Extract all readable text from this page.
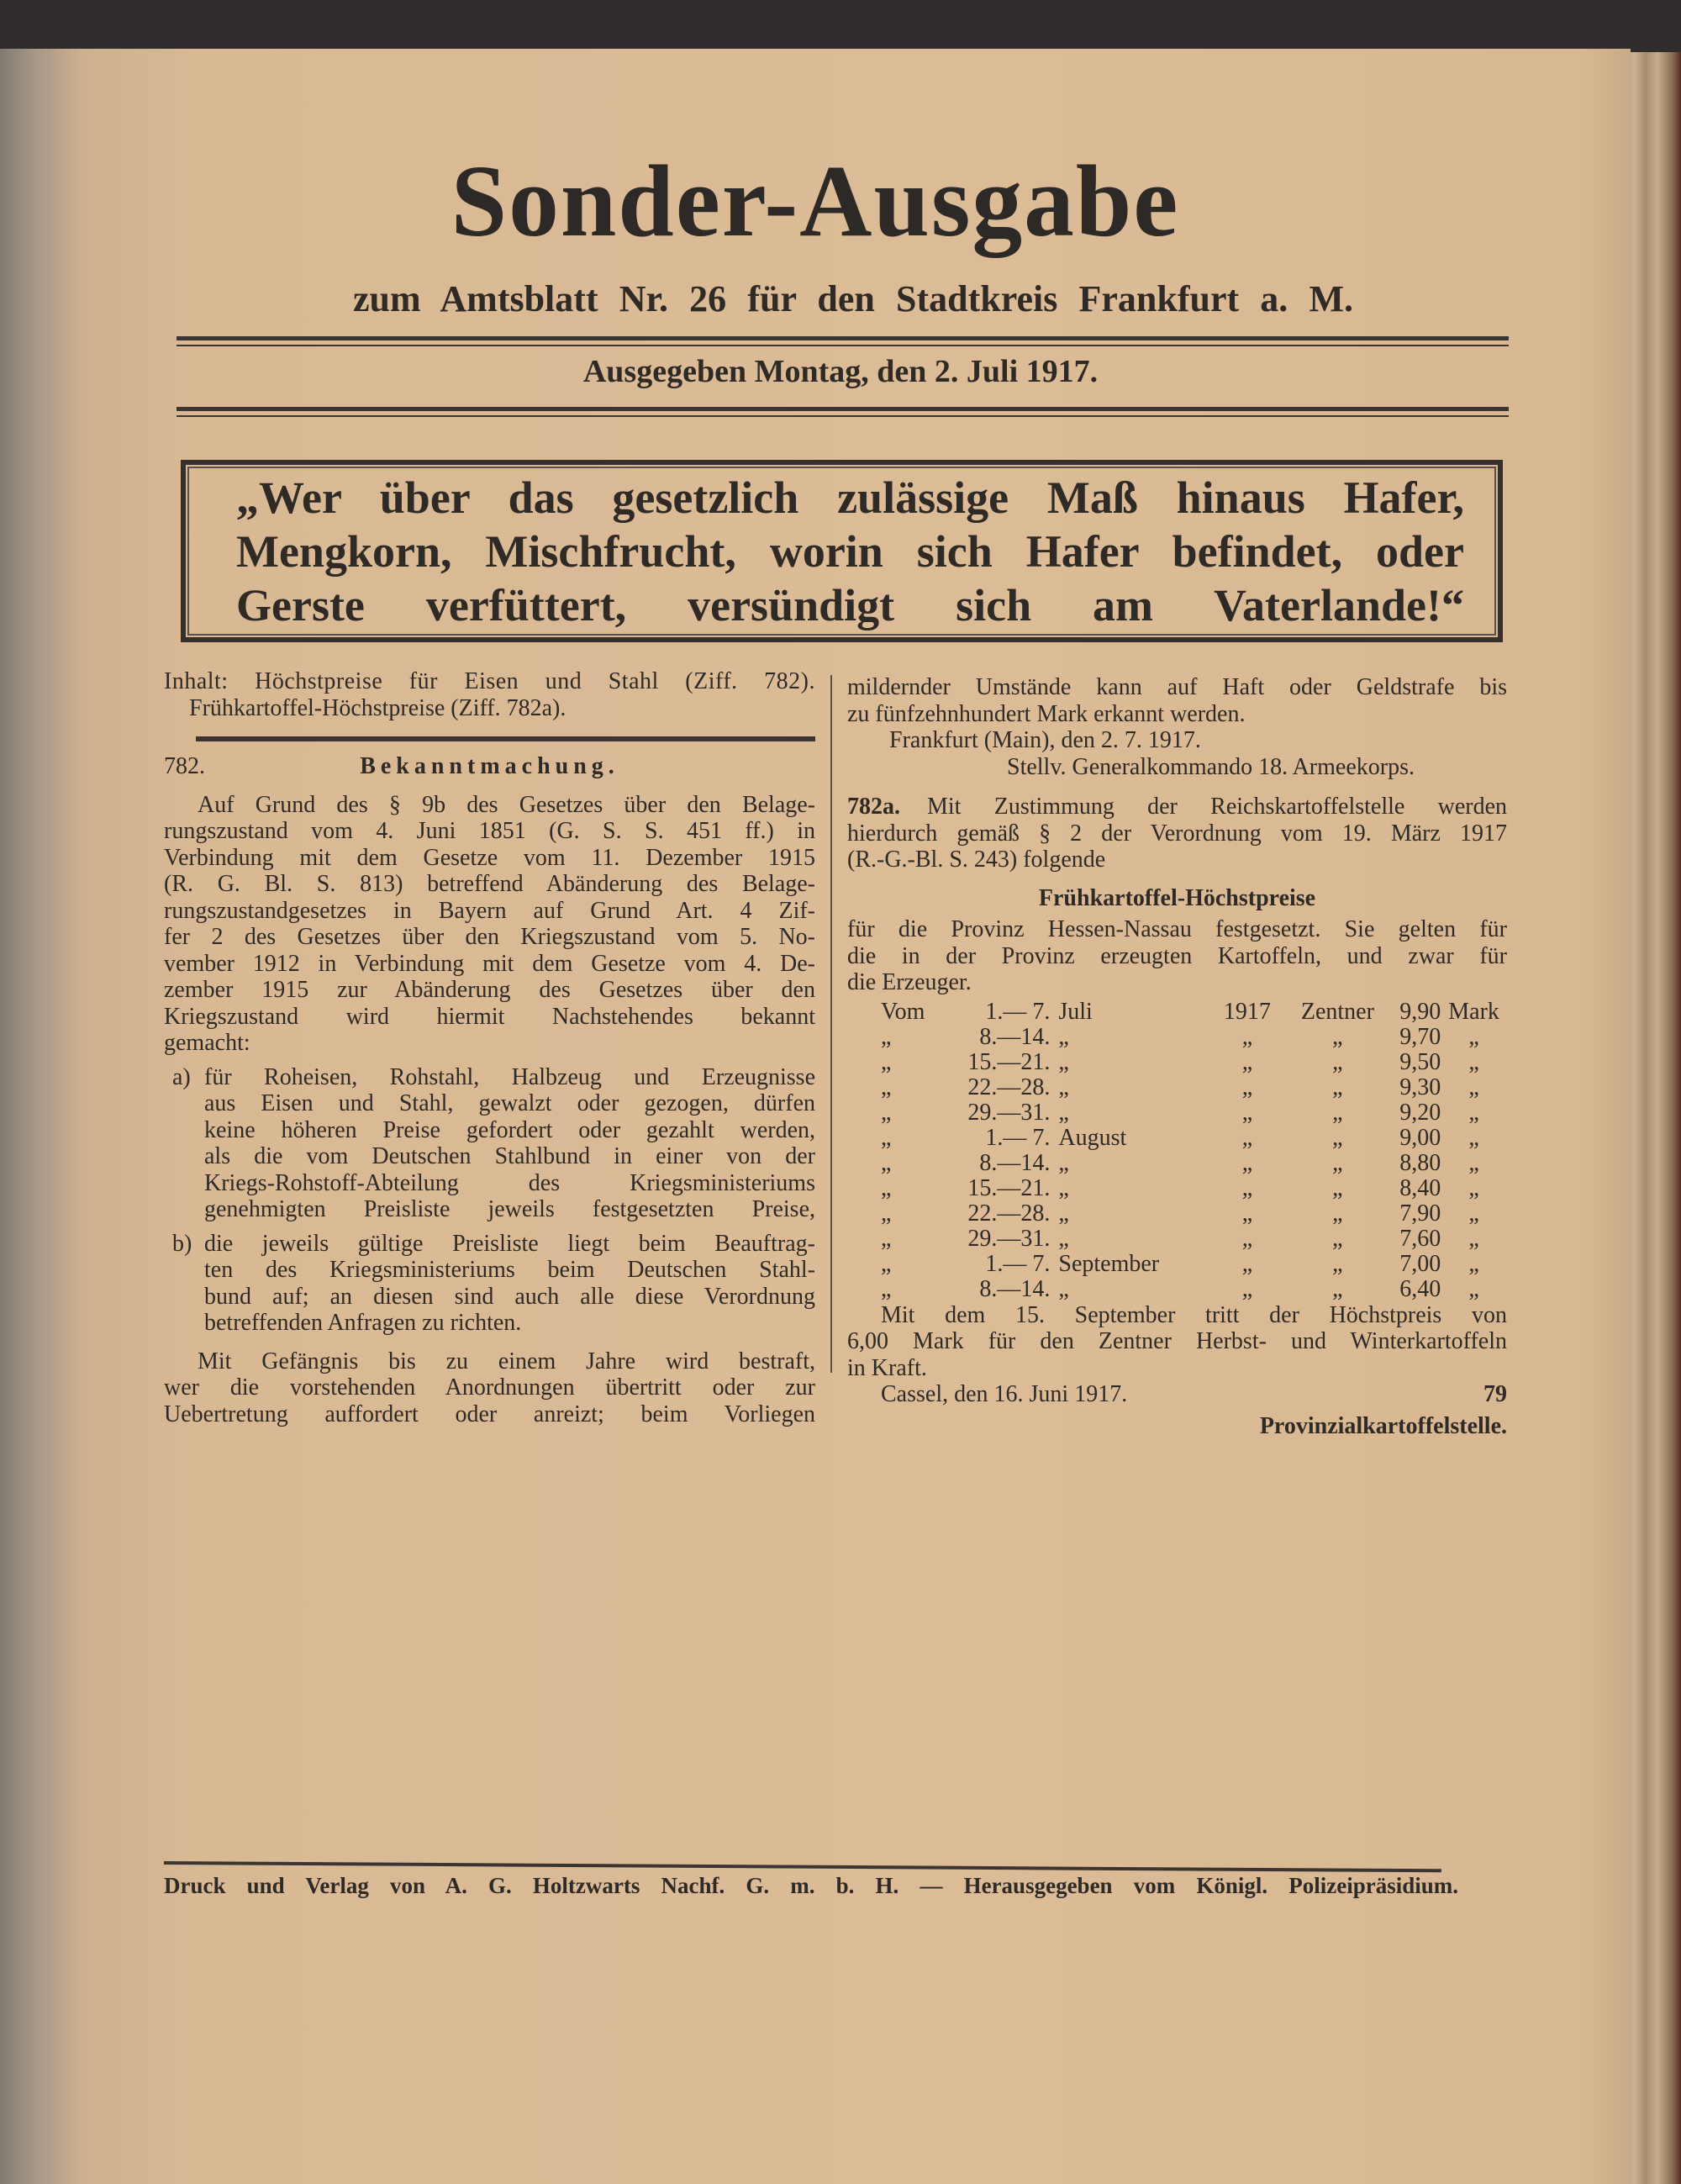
Sonder-Ausgabe
zum Amtsblatt Nr. 26 für den Stadtkreis Frankfurt a. M.
Ausgegeben Montag, den 2. Juli 1917.
„Wer über das gesetzlich zulässige Maß hinaus Hafer,
Mengkorn, Mischfrucht, worin sich Hafer befindet, oder
Gerste verfüttert, versündigt sich am Vaterlande!“
Inhalt: Höchstpreise für Eisen und Stahl (Ziff. 782).
Frühkartoffel-Höchstpreise (Ziff. 782a).
782.	Bekanntmachung.
Auf Grund des § 9b des Gesetzes über den Belage-
rungszustand vom 4. Juni 1851 (G. S. S. 451 ff.) in
Verbindung mit dem Gesetze vom 11. Dezember 1915
(R. G. Bl. S. 813) betreffend Abänderung des Belage-
rungszustandgesetzes in Bayern auf Grund Art. 4 Zif-
fer 2 des Gesetzes über den Kriegszustand vom 5. No-
vember 1912 in Verbindung mit dem Gesetze vom 4. De-
zember 1915 zur Abänderung des Gesetzes über den
Kriegszustand wird hiermit Nachstehendes bekannt
gemacht:
a) für Roheisen, Rohstahl, Halbzeug und Erzeugnisse
aus Eisen und Stahl, gewalzt oder gezogen, dürfen
keine höheren Preise gefordert oder gezahlt werden,
als die vom Deutschen Stahlbund in einer von der
Kriegs-Rohstoff-Abteilung des Kriegsministeriums
genehmigten Preisliste jeweils festgesetzten Preise,
b) die jeweils gültige Preisliste liegt beim Beauftrag-
ten des Kriegsministeriums beim Deutschen Stahl-
bund auf; an diesen sind auch alle diese Verordnung
betreffenden Anfragen zu richten.
Mit Gefängnis bis zu einem Jahre wird bestraft,
wer die vorstehenden Anordnungen übertritt oder zur
Uebertretung auffordert oder anreizt; beim Vorliegen
mildernder Umstände kann auf Haft oder Geldstrafe bis
zu fünfzehnhundert Mark erkannt werden.
Frankfurt (Main), den 2. 7. 1917.
Stellv. Generalkommando 18. Armeekorps.
782a.	Mit Zustimmung der Reichskartoffelstelle werden
hierdurch gemäß § 2 der Verordnung vom 19. März 1917
(R.-G.-Bl. S. 243) folgende
Frühkartoffel-Höchstpreise
für die Provinz Hessen-Nassau festgesetzt. Sie gelten für
die in der Provinz erzeugten Kartoffeln, und zwar für
die Erzeuger.
Vom	1.— 7.	Juli	1917	Zentner	9,90	Mark
„	8.—14.	„	„	„	9,70	„
„	15.—21.	„	„	„	9,50	„
„	22.—28.	„	„	„	9,30	„
„	29.—31.	„	„	„	9,20	„
„	1.— 7.	August	„	„	9,00	„
„	8.—14.	„	„	„	8,80	„
„	15.—21.	„	„	„	8,40	„
„	22.—28.	„	„	„	7,90	„
„	29.—31.	„	„	„	7,60	„
„	1.— 7.	September	„	„	7,00	„
„	8.—14.	„	„	„	6,40	„
Mit dem 15. September tritt der Höchstpreis von
6,00 Mark für den Zentner Herbst- und Winterkartoffeln
in Kraft.
Cassel, den 16. Juni 1917.	79
Provinzialkartoffelstelle.
Druck und Verlag von A. G. Holtzwarts Nachf. G. m. b. H. — Herausgegeben vom Königl. Polizeipräsidium.
